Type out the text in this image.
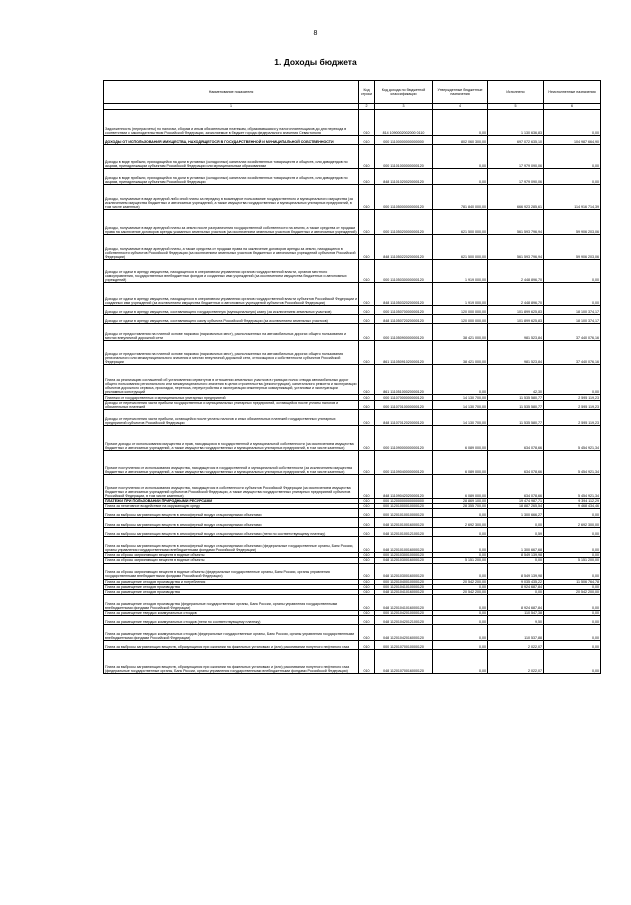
8
1. Доходы бюджета
Наименование показателя	Код строки	Код дохода по бюджетной классификации	Утвержденные бюджетные назначения	Исполнено	Неисполненные назначения
1	2	3	4	5	6
Задолженность (перерасчеты) по налогам, сборам и иным обязательным платежам, образовавшаяся у налогоплательщиков до дня перехода в соответствии с законодательством Российской Федерации, зачисляемые в бюджет города федерального значения Севастополя	010	814 1090002002000 0110	0,00	1 130 636,83	0,00
ДОХОДЫ ОТ ИСПОЛЬЗОВАНИЯ ИМУЩЕСТВА, НАХОДЯЩЕГОСЯ В ГОСУДАРСТВЕННОЙ И МУНИЦИПАЛЬНОЙ СОБСТВЕННОСТИ	010	000 11100000000000000	802 060 300,00	697 072 635,10	104 987 664,90
Доходы в виде прибыли, приходящейся на доли в уставных (складочных) капиталах хозяйственных товариществ и обществ, или дивидендов по акциям, принадлежащим субъектам Российской Федерации или муниципальным образованиям	010	000 11101000000000120	0,00	17 979 090,06	0,00
Доходы в виде прибыли, приходящейся на доли в уставных (складочных) капиталах хозяйственных товариществ и обществ, или дивидендов по акциям, принадлежащим субъектам Российской Федерации	010	848 11101020020000120	0,00	17 979 090,06	0,00
Доходы, получаемые в виде арендной либо иной платы за передачу в возмездное пользование государственного и муниципального имущества (за исключением имущества бюджетных и автономных учреждений, а также имущества государственных и муниципальных унитарных предприятий, в том числе казенных)	010	000 11105000000000120	781 840 000,00	666 923 285,61	114 916 714,39
Доходы, получаемые в виде арендной платы за земли после разграничения государственной собственности на землю, а также средства от продажи права на заключение договоров аренды указанных земельных участков (за исключением земельных участков бюджетных и автономных учреждений)	010	000 11105020000000120	621 500 000,00	561 593 796,94	59 906 203,06
Доходы, получаемые в виде арендной платы, а также средства от продажи права на заключение договоров аренды за земли, находящиеся в собственности субъектов Российской Федерации (за исключением земельных участков бюджетных и автономных учреждений субъектов Российской Федерации)	010	848 11105022020000120	621 500 000,00	561 593 796,94	59 906 203,06
Доходы от сдачи в аренду имущества, находящегося в оперативном управлении органов государственной власти, органов местного самоуправления, государственных внебюджетных фондов и созданных ими учреждений (за исключением имущества бюджетных и автономных учреждений)	010	000 11105030000000120	1 919 000,00	2 448 896,70	0,00
Доходы от сдачи в аренду имущества, находящегося в оперативном управлении органов государственной власти субъектов Российской Федерации и созданных ими учреждений (за исключением имущества бюджетных и автономных учреждений субъектов Российской Федерации)	010	848 11105032020000120	1 919 000,00	2 448 896,70	0,00
Доходы от сдачи в аренду имущества, составляющего государственную (муниципальную) казну (за исключением земельных участков)	010	000 11105070000000120	120 000 000,00	101 899 625,83	18 100 374,17
Доходы от сдачи в аренду имущества, составляющего казну субъекта Российской Федерации (за исключением земельных участков)	010	848 11105072020000120	120 000 000,00	101 899 625,83	18 100 374,17
Доходы от предоставления на платной основе парковок (парковочных мест), расположенных на автомобильных дорогах общего пользования и местах внеуличной дорожной сети	010	000 11105090000000120	38 421 000,00	981 523,84	37 440 076,16
Доходы от предоставления на платной основе парковок (парковочных мест), расположенных на автомобильных дорогах общего пользования регионального или межмуниципального значения и местах внеуличной дорожной сети, относящихся к собственности субъектов Российской Федерации	010	861 11105091020000120	38 421 000,00	981 523,84	37 440 076,16
Плата за реализацию соглашений об установлении сервитутов в отношении земельных участков в границах полос отвода автомобильных дорог общего пользования регионального или межмуниципального значения в целях строительства (реконструкции), капитального ремонта и эксплуатации объектов дорожного сервиса, прокладки, переноса, переустройства и эксплуатации инженерных коммуникаций, установки и эксплуатации рекламных конструкций	010	861 11105100020000120	0,00	42,30	0,00
Платежи от государственных и муниципальных унитарных предприятий	010	000 11107000000000120	14 130 700,00	11 535 580,77	2 595 119,23
Доходы от перечисления части прибыли государственных и муниципальных унитарных предприятий, остающейся после уплаты налогов и обязательных платежей	010	000 11107010000000120	14 130 700,00	11 535 580,77	2 595 119,23
Доходы от перечисления части прибыли, остающейся после уплаты налогов и иных обязательных платежей государственных унитарных предприятий субъектов Российской Федерации	010	848 11107012020000120	14 130 700,00	11 535 580,77	2 595 119,23
Прочие доходы от использования имущества и прав, находящихся в государственной и муниципальной собственности (за исключением имущества бюджетных и автономных учреждений, а также имущества государственных и муниципальных унитарных предприятий, в том числе казенных)	010	000 11109000000000120	6 089 000,00	634 078,66	5 454 921,34
Прочие поступления от использования имущества, находящегося в государственной и муниципальной собственности (за исключением имущества бюджетных и автономных учреждений, а также имущества государственных и муниципальных унитарных предприятий, в том числе казенных)	010	000 11109040000000120	6 089 000,00	634 078,66	5 454 921,34
Прочие поступления от использования имущества, находящегося в собственности субъектов Российской Федерации (за исключением имущества бюджетных и автономных учреждений субъектов Российской Федерации, а также имущества государственных унитарных предприятий субъектов Российской Федерации, в том числе казенных)	010	848 11109042020000120	6 089 000,00	634 078,66	5 454 921,34
ПЛАТЕЖИ ПРИ ПОЛЬЗОВАНИИ ПРИРОДНЫМИ РЕСУРСАМИ	010	000 11200000000000000	28 869 100,00	19 474 987,71	9 394 112,29
Плата за негативное воздействие на окружающую среду	010	000 11201000010000120	28 355 700,00	18 887 265,54	9 468 434,46
Плата за выбросы загрязняющих веществ в атмосферный воздух стационарными объектами	010	000 11201010010000120	0,00	1 300 666,27	0,00
Плата за выбросы загрязняющих веществ в атмосферный воздух стационарными объектами	010	048 11201010016000120	2 692 300,00	0,00	2 692 300,00
Плата за выбросы загрязняющих веществ в атмосферный воздух стационарными объектами (пени по соответствующему платежу)	010	048 11201010012100120	0,00	0,59	0,00
Плата за выбросы загрязняющих веществ в атмосферный воздух стационарными объектами (федеральные государственные органы, Банк России, органы управления государственными внебюджетными фондами Российской Федерации)	010	048 11201010016000120	0,00	1 300 667,68	0,00
Плата за сбросы загрязняющих веществ в водные объекты	010	000 11201030010000120	0,00	8 549 139,98	0,00
Плата за сбросы загрязняющих веществ в водные объекты	010	048 11201030016000120	5 151 200,00	0,00	5 151 200,00
Плата за сбросы загрязняющих веществ в водные объекты (федеральные государственные органы, Банк России, органы управления государственными внебюджетными фондами Российской Федерации)	010	048 11201030016000120	0,00	8 549 139,98	0,00
Плата за размещение отходов производства и потребления	010	000 11201040010000120	20 542 200,00	9 035 435,22	11 506 764,78
Плата за размещение отходов производства	010	000 11201041010000120	0,00	8 924 687,84	0,00
Плата за размещение отходов производства	010	048 11201041016000120	20 542 200,00	0,00	20 542 200,00
Плата за размещение отходов производства (федеральные государственные органы, Банк России, органы управления государственными внебюджетными фондами Российской Федерации)	010	048 11201041016000120	0,00	8 924 687,84	0,00
Плата за размещение твердых коммунальных отходов	010	000 11201042010000120	0,00	110 547,38	0,00
Плата за размещение твердых коммунальных отходов (пени по соответствующему платежу)	010	048 11201042012100120	0,00	9,50	0,00
Плата за размещение твердых коммунальных отходов (федеральные государственные органы, Банк России, органы управления государственными внебюджетными фондами Российской Федерации)	010	048 11201042016000120	0,00	110 537,88	0,00
Плата за выбросы загрязняющих веществ, образующихся при сжигании на факельных установках и (или) рассеивании попутного нефтяного газа	010	000 11201070010000120	0,00	2 022,07	0,00
Плата за выбросы загрязняющих веществ, образующихся при сжигании на факельных установках и (или) рассеивании попутного нефтяного газа (федеральные государственные органы, Банк России, органы управления государственными внебюджетными фондами Российской Федерации)	010	048 11201070016000120	0,00	2 022,07	0,00
